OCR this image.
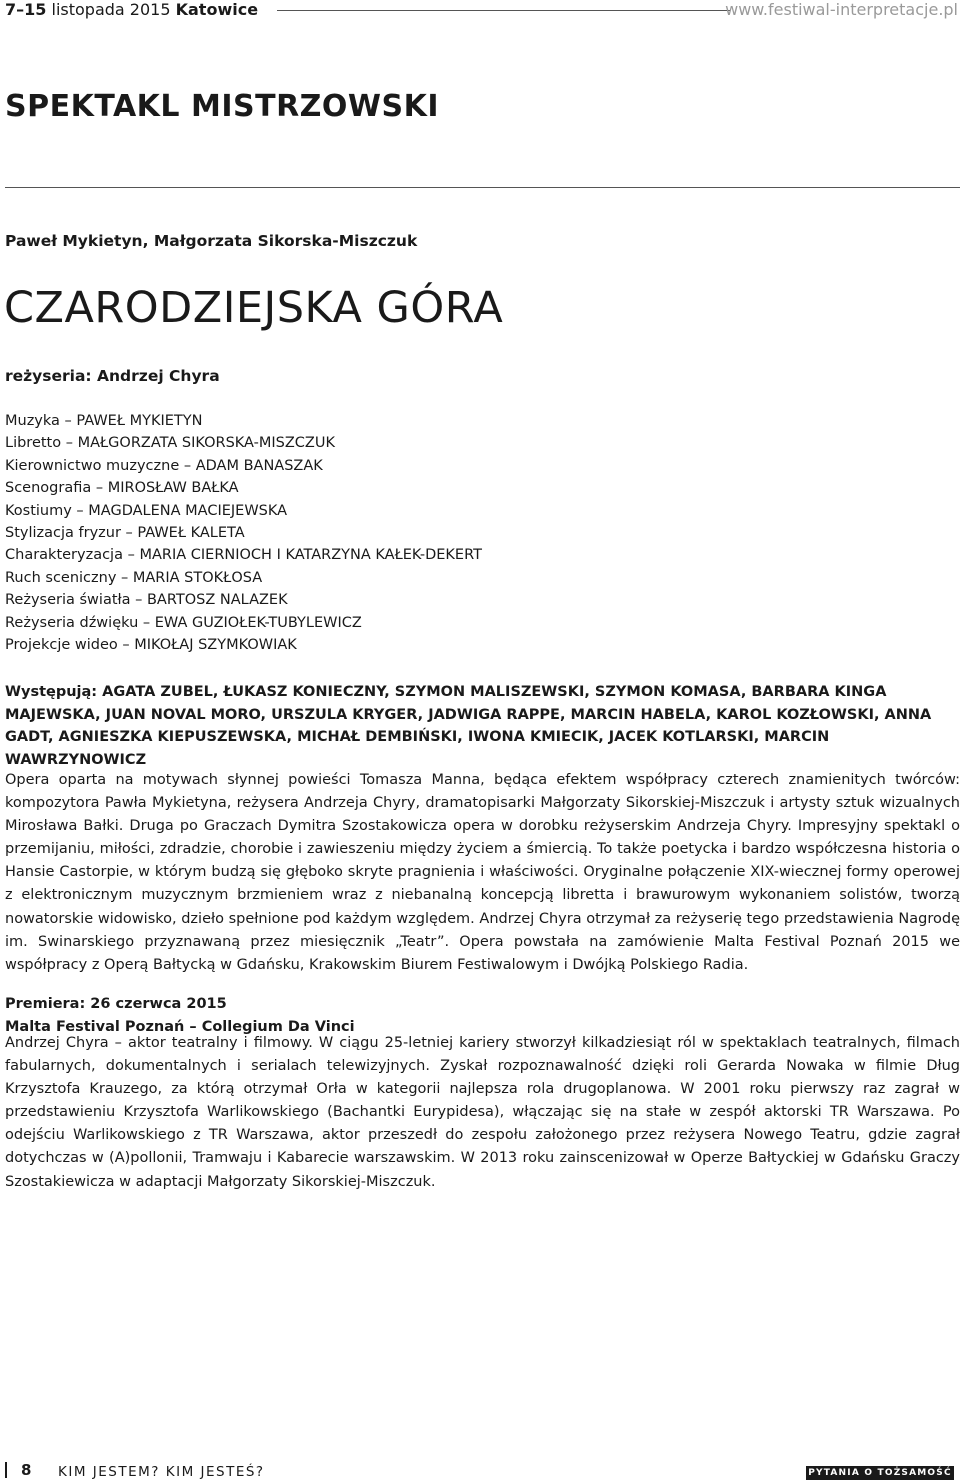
7–15 listopada 2015 Katowice	www.festiwal-interpretacje.pl
SPEKTAKL MISTRZOWSKI
Paweł Mykietyn, Małgorzata Sikorska-Miszczuk
CZARODZIEJSKA GÓRA
reżyseria: Andrzej Chyra
Muzyka – PAWEŁ MYKIETYN
Libretto – MAŁGORZATA SIKORSKA-MISZCZUK
Kierownictwo muzyczne – ADAM BANASZAK
Scenografia – MIROSŁAW BAŁKA
Kostiumy – MAGDALENA MACIEJEWSKA
Stylizacja fryzur – PAWEŁ KALETA
Charakteryzacja – MARIA CIERNIOCH I KATARZYNA KAŁEK-DEKERT
Ruch sceniczny – MARIA STOKŁOSA
Reżyseria światła – BARTOSZ NALAZEK
Reżyseria dźwięku – EWA GUZIOŁEK-TUBYLEWICZ
Projekcje wideo – MIKOŁAJ SZYMKOWIAK
Występują: AGATA ZUBEL, ŁUKASZ KONIECZNY, SZYMON MALISZEWSKI, SZYMON KOMASA, BARBARA KINGA MAJEWSKA, JUAN NOVAL MORO, URSZULA KRYGER, JADWIGA RAPPE, MARCIN HABELA, KAROL KOZŁOWSKI, ANNA GADT, AGNIESZKA KIEPUSZEWSKA, MICHAŁ DEMBIŃSKI, IWONA KMIECIK, JACEK KOTLARSKI, MARCIN WAWRZYNOWICZ
Opera oparta na motywach słynnej powieści Tomasza Manna, będąca efektem współpracy czterech znamienitych twórców: kompozytora Pawła Mykietyna, reżysera Andrzeja Chyry, dramatopisarki Małgorzaty Sikorskiej-Miszczuk i artysty sztuk wizualnych Mirosława Bałki. Druga po Graczach Dymitra Szostakowicza opera w dorobku reżyserskim Andrzeja Chyry. Impresyjny spektakl o przemijaniu, miłości, zdradzie, chorobie i zawieszeniu między życiem a śmiercią. To także poetycka i bardzo współczesna historia o Hansie Castorpie, w którym budzą się głęboko skryte pragnienia i właściwości. Oryginalne połączenie XIX-wiecznej formy operowej z elektronicznym muzycznym brzmieniem wraz z niebanalną koncepcją libretta i brawurowym wykonaniem solistów, tworzą nowatorskie widowisko, dzieło spełnione pod każdym względem. Andrzej Chyra otrzymał za reżyserię tego przedstawienia Nagrodę im. Swinarskiego przyznawaną przez miesięcznik „Teatr”. Opera powstała na zamówienie Malta Festival Poznań 2015 we współpracy z Operą Bałtycką w Gdańsku, Krakowskim Biurem Festiwalowym i Dwójką Polskiego Radia.
Premiera: 26 czerwca 2015
Malta Festival Poznań – Collegium Da Vinci
Andrzej Chyra – aktor teatralny i filmowy. W ciągu 25-letniej kariery stworzył kilkadziesiąt ról w spektaklach teatralnych, filmach fabularnych, dokumentalnych i serialach telewizyjnych. Zyskał rozpoznawalność dzięki roli Gerarda Nowaka w filmie Dług Krzysztofa Krauzego, za którą otrzymał Orła w kategorii najlepsza rola drugoplanowa. W 2001 roku pierwszy raz zagrał w przedstawieniu Krzysztofa Warlikowskiego (Bachantki Eurypidesa), włączając się na stałe w zespół aktorski TR Warszawa. Po odejściu Warlikowskiego z TR Warszawa, aktor przeszedł do zespołu założonego przez reżysera Nowego Teatru, gdzie zagrał dotychczas w (A)pollonii, Tramwaju i Kabarecie warszawskim. W 2013 roku zainscenizował w Operze Bałtyckiej w Gdańsku Graczy Szostakiewicza w adaptacji Małgorzaty Sikorskiej-Miszczuk.
8 KIM JESTEM? KIM JESTEŚ?	PYTANIA O TOŻSAMOŚĆ
